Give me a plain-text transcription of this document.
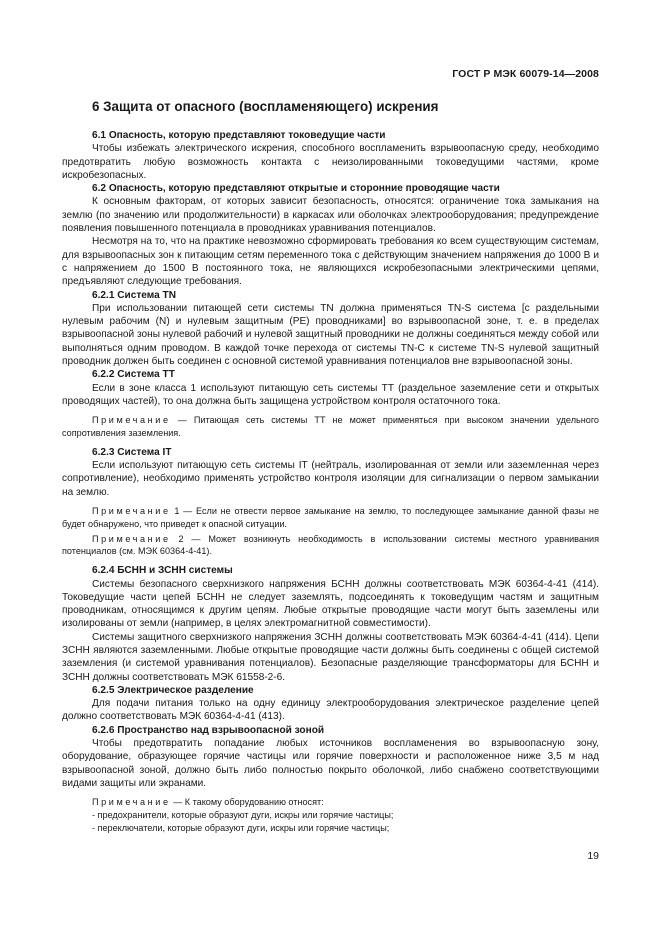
ГОСТ Р МЭК 60079-14—2008
6 Защита от опасного (воспламеняющего) искрения
6.1 Опасность, которую представляют токоведущие части

Чтобы избежать электрического искрения, способного воспламенить взрывоопасную среду, необходимо предотвратить любую возможность контакта с неизолированными токоведущими частями, кроме искробезопасных.

6.2 Опасность, которую представляют открытые и сторонние проводящие части

К основным факторам, от которых зависит безопасность, относятся: ограничение тока замыкания на землю (по значению или продолжительности) в каркасах или оболочках электрооборудования; предупреждение появления повышенного потенциала в проводниках уравнивания потенциалов.

Несмотря на то, что на практике невозможно сформировать требования ко всем существующим системам, для взрывоопасных зон к питающим сетям переменного тока с действующим значением напряжения до 1000 В и с напряжением до 1500 В постоянного тока, не являющихся искробезопасными электрическими цепями, предъявляют следующие требования.

6.2.1 Система TN

При использовании питающей сети системы TN должна применяться TN-S система [с раздельными нулевым рабочим (N) и нулевым защитным (PE) проводниками] во взрывоопасной зоне, т. е. в пределах взрывоопасной зоны нулевой рабочий и нулевой защитный проводники не должны соединяться между собой или выполняться одним проводом. В каждой точке перехода от системы TN-C к системе TN-S нулевой защитный проводник должен быть соединен с основной системой уравнивания потенциалов вне взрывоопасной зоны.

6.2.2 Система TT

Если в зоне класса 1 используют питающую сеть системы TT (раздельное заземление сети и открытых проводящих частей), то она должна быть защищена устройством контроля остаточного тока.

Примечание — Питающая сеть системы TT не может применяться при высоком значении удельного сопротивления заземления.
6.2.3 Система IT

Если используют питающую сеть системы IT (нейтраль, изолированная от земли или заземленная через сопротивление), необходимо применять устройство контроля изоляции для сигнализации о первом замыкании на землю.

Примечание 1 — Если не отвести первое замыкание на землю, то последующее замыкание данной фазы не будет обнаружено, что приведет к опасной ситуации.
Примечание 2 — Может возникнуть необходимость в использовании системы местного уравнивания потенциалов (см. МЭК 60364-4-41).
6.2.4 БСНН и ЗСНН системы

Системы безопасного сверхнизкого напряжения БСНН должны соответствовать МЭК 60364-4-41 (414). Токоведущие части цепей БСНН не следует заземлять, подсоединять к токоведущим частям и защитным проводникам, относящимся к другим цепям. Любые открытые проводящие части могут быть заземлены или изолированы от земли (например, в целях электромагнитной совместимости).

Системы защитного сверхнизкого напряжения ЗСНН должны соответствовать МЭК 60364-4-41 (414). Цепи ЗСНН являются заземленными. Любые открытые проводящие части должны быть соединены с общей системой заземления (и системой уравнивания потенциалов). Безопасные разделяющие трансформаторы для БСНН и ЗСНН должны соответствовать МЭК 61558-2-6.

6.2.5 Электрическое разделение

Для подачи питания только на одну единицу электрооборудования электрическое разделение цепей должно соответствовать МЭК 60364-4-41 (413).

6.2.6 Пространство над взрывоопасной зоной

Чтобы предотвратить попадание любых источников воспламенения во взрывоопасную зону, оборудование, образующее горячие частицы или горячие поверхности и расположенное ниже 3,5 м над взрывоопасной зоной, должно быть либо полностью покрыто оболочкой, либо снабжено соответствующими видами защиты или экранами.

Примечание — К такому оборудованию относят:
- предохранители, которые образуют дуги, искры или горячие частицы;
- переключатели, которые образуют дуги, искры или горячие частицы;
19
